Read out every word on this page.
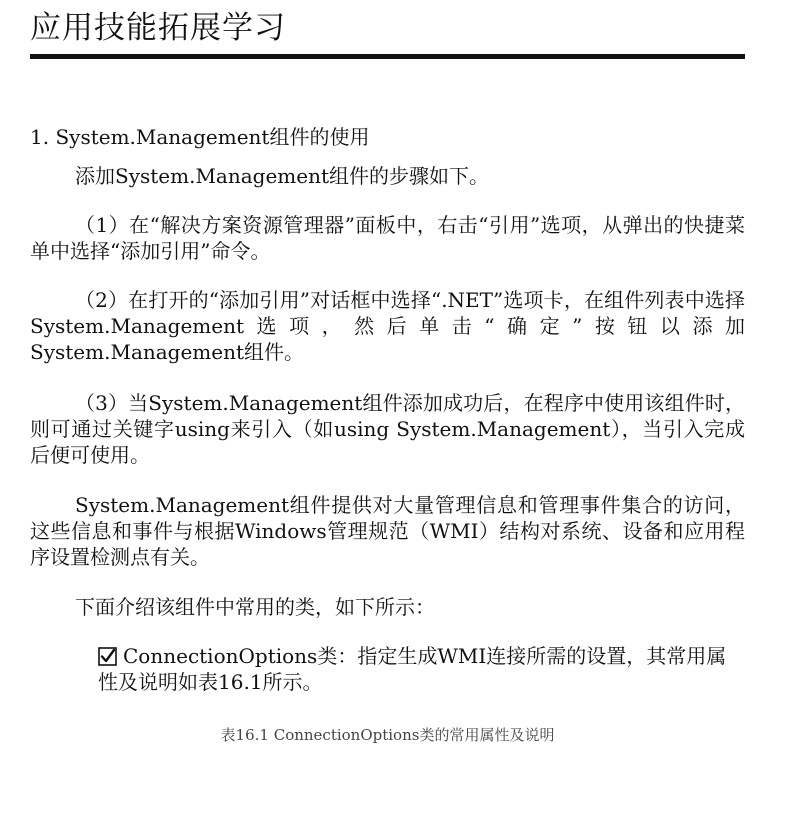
应用技能拓展学习
1. System.Management组件的使用

添加System.Management组件的步骤如下。

（1）在“解决方案资源管理器”面板中，右击“引用”选项，从弹出的快捷菜单中选择“添加引用”命令。

（2）在打开的“添加引用”对话框中选择“.NET”选项卡，在组件列表中选择System.Management选项，然后单击“确定”按钮以添加System.Management组件。

（3）当System.Management组件添加成功后，在程序中使用该组件时，则可通过关键字using来引入（如using System.Management），当引入完成后便可使用。

System.Management组件提供对大量管理信息和管理事件集合的访问，这些信息和事件与根据Windows管理规范（WMI）结构对系统、设备和应用程序设置检测点有关。

下面介绍该组件中常用的类，如下所示：

ConnectionOptions类：指定生成WMI连接所需的设置，其常用属性及说明如表16.1所示。
表16.1 ConnectionOptions类的常用属性及说明
